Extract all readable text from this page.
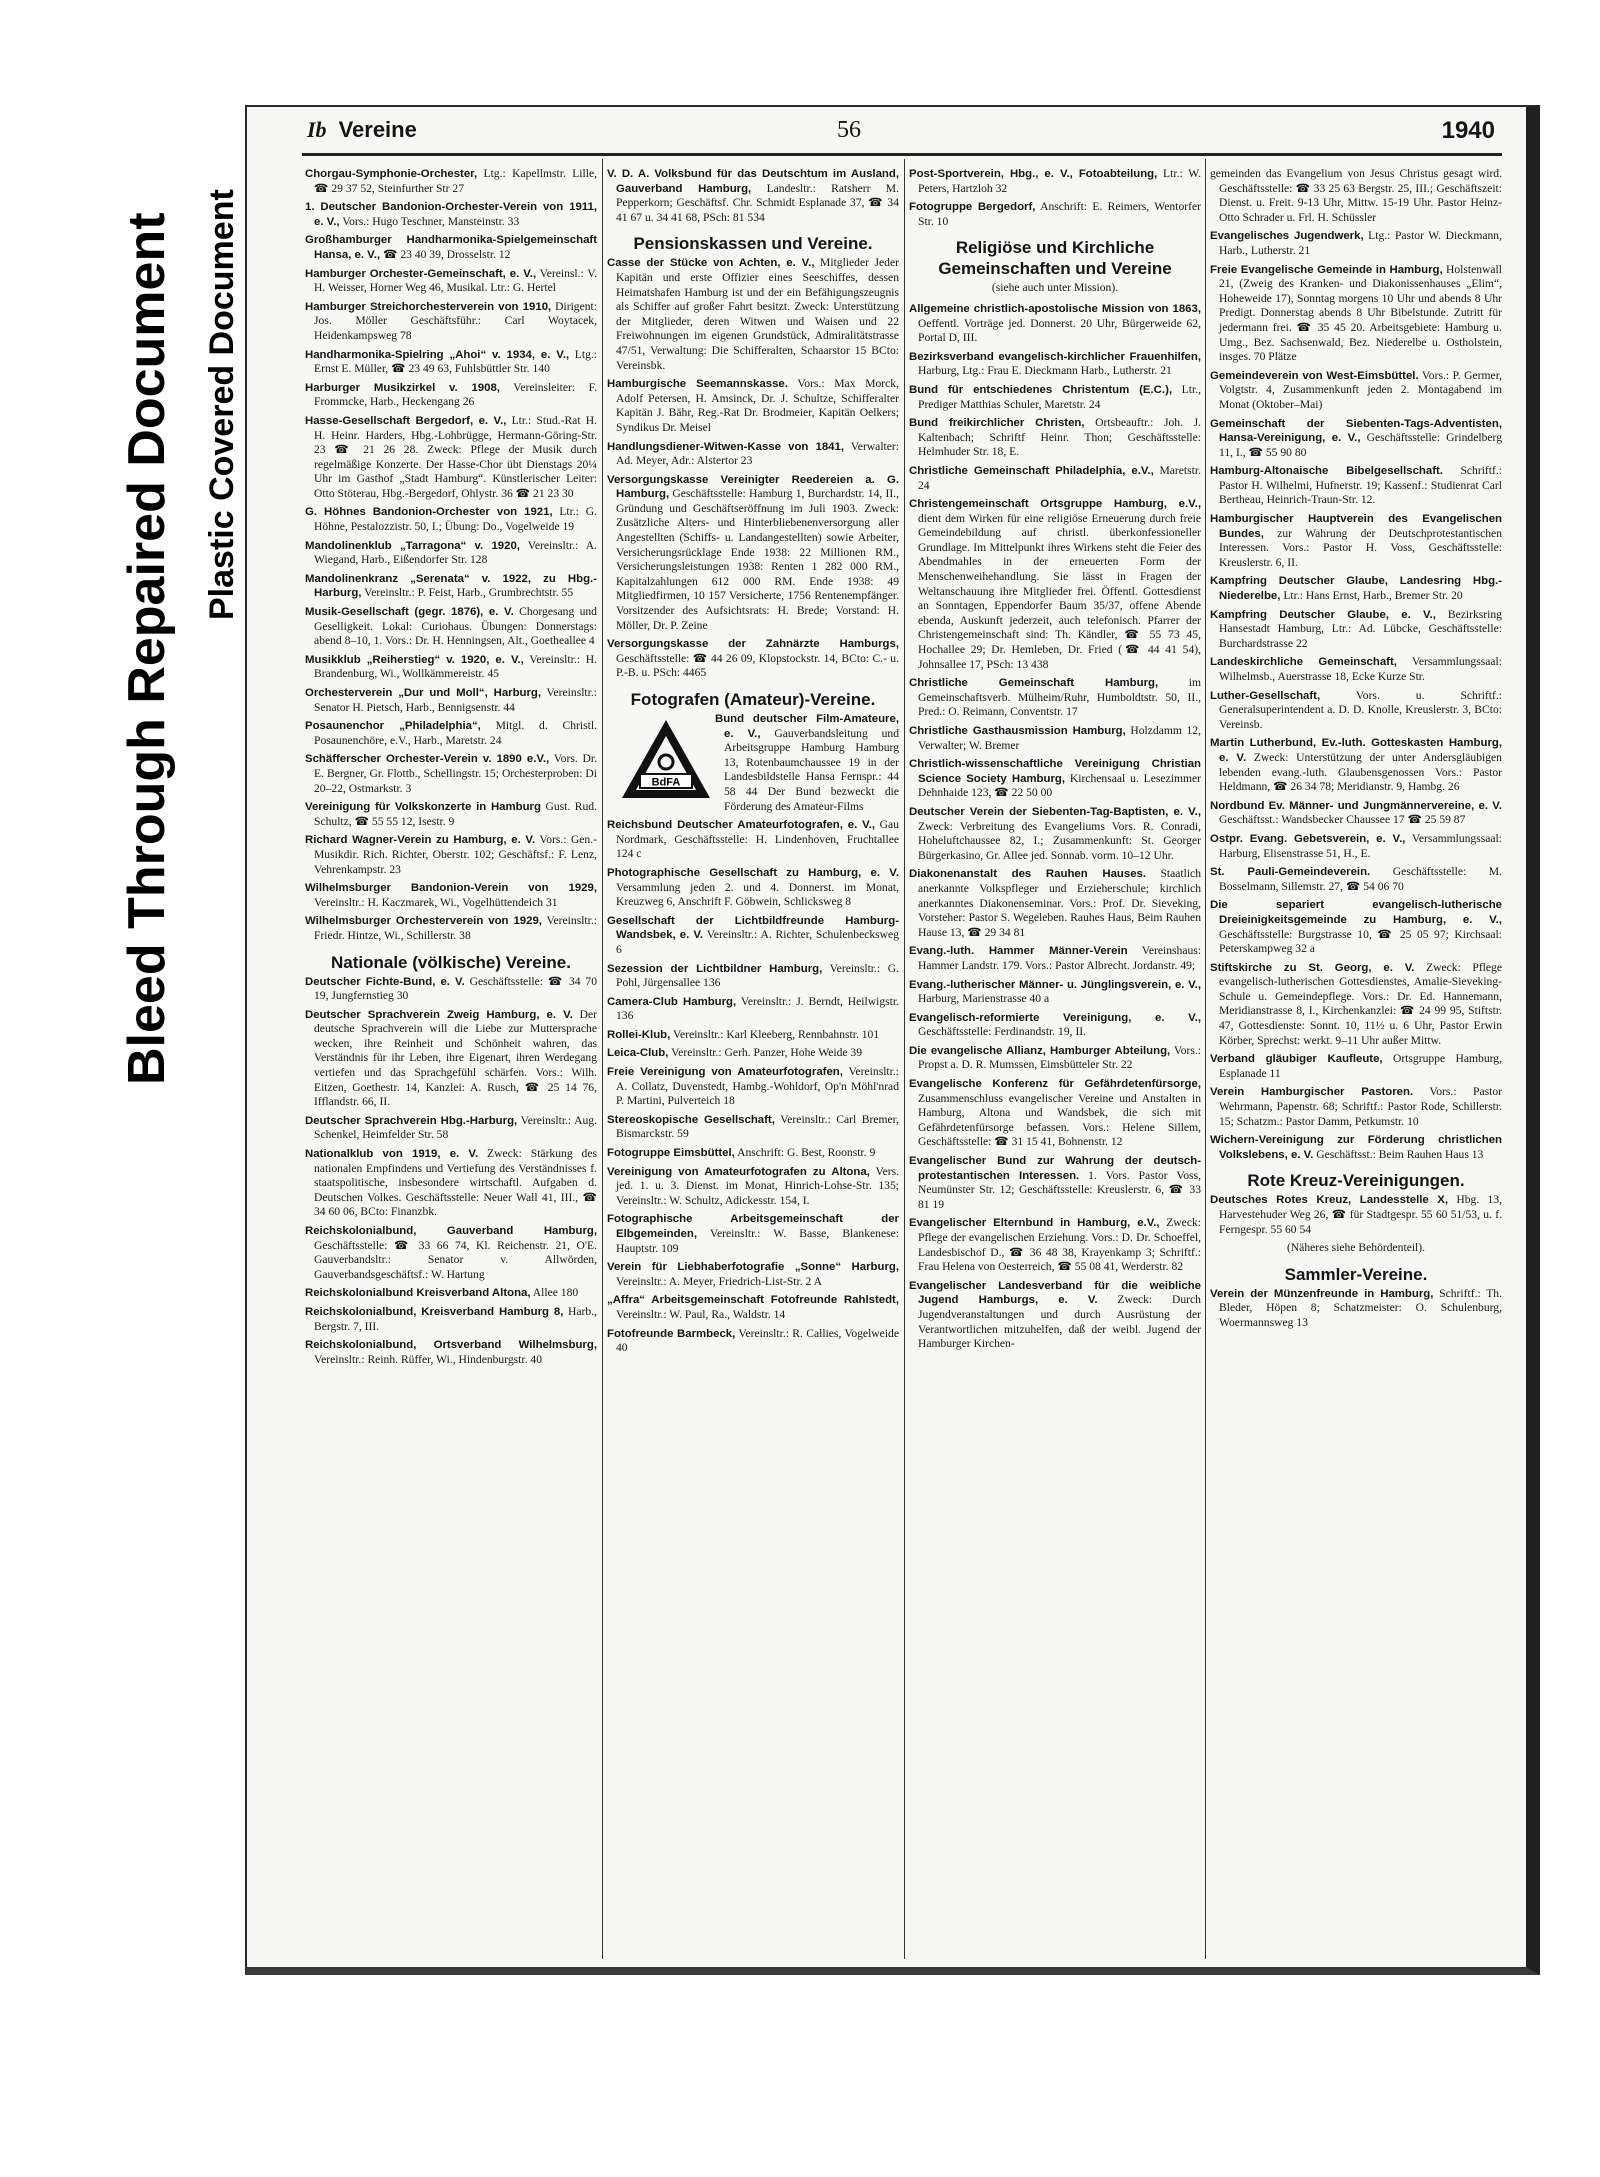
Bleed Through Repaired Document Plastic Covered Document
Ib Vereine	56	1940

Chorgau-Symphonie-Orchester, Ltg.: Kapellmstr. Lille, ☎ 29 37 52, Steinfurther Str 27

1. Deutscher Bandonion-Orchester-Verein von 1911, e. V., Vors.: Hugo Teschner, Mansteinstr. 33

Großhamburger Handharmonika-Spielgemeinschaft Hansa, e. V., ☎ 23 40 39, Drosselstr. 12

Hamburger Orchester-Gemeinschaft, e. V., Vereinsl.: V. H. Weisser, Horner Weg 46, Musikal. Ltr.: G. Hertel

Hamburger Streichorchesterverein von 1910, Dirigent: Jos. Möller Geschäftsführ.: Carl Woytacek, Heidenkampsweg 78

Handharmonika-Spielring „Ahoi“ v. 1934, e. V., Ltg.: Ernst E. Müller, ☎ 23 49 63, Fuhlsbüttler Str. 140

Harburger Musikzirkel v. 1908, Vereinsleiter: F. Frommcke, Harb., Heckengang 26

Hasse-Gesellschaft Bergedorf, e. V., Ltr.: Stud.-Rat H. H. Heinr. Harders, Hbg.-Lohbrügge, Hermann-Göring-Str. 23 ☎ 21 26 28. Zweck: Pflege der Musik durch regelmäßige Konzerte. Der Hasse-Chor übt Dienstags 20¼ Uhr im Gasthof „Stadt Hamburg“. Künstlerischer Leiter: Otto Stöterau, Hbg.-Bergedorf, Ohlystr. 36 ☎ 21 23 30

G. Höhnes Bandonion-Orchester von 1921, Ltr.: G. Höhne, Pestalozzistr. 50, I.; Übung: Do., Vogelweide 19

Mandolinenklub „Tarragona“ v. 1920, Vereinsltr.: A. Wiegand, Harb., Eißendorfer Str. 128

Mandolinenkranz „Serenata“ v. 1922, zu Hbg.-Harburg, Vereinsltr.: P. Feist, Harb., Grumbrechtstr. 55

Musik-Gesellschaft (gegr. 1876), e. V. Chorgesang und Geselligkeit. Lokal: Curiohaus. Übungen: Donnerstags: abend 8–10, 1. Vors.: Dr. H. Henningsen, Alt., Goetheallee 4

Musikklub „Reiherstieg“ v. 1920, e. V., Vereinsltr.: H. Brandenburg, Wi., Wollkämmereistr. 45

Orchesterverein „Dur und Moll“, Harburg, Vereinsltr.: Senator H. Pietsch, Harb., Bennigsenstr. 44

Posaunenchor „Philadelphia“, Mitgl. d. Christl. Posaunenchöre, e.V., Harb., Maretstr. 24

Schäfferscher Orchester-Verein v. 1890 e.V., Vors. Dr. E. Bergner, Gr. Flottb., Schellingstr. 15; Orchesterproben: Di 20–22, Ostmarkstr. 3

Vereinigung für Volkskonzerte in Hamburg Gust. Rud. Schultz, ☎ 55 55 12, Isestr. 9

Richard Wagner-Verein zu Hamburg, e. V. Vors.: Gen.-Musikdir. Rich. Richter, Oberstr. 102; Geschäftsf.: F. Lenz, Vehrenkampstr. 23

Wilhelmsburger Bandonion-Verein von 1929, Vereinsltr.: H. Kaczmarek, Wi., Vogelhüttendeich 31

Wilhelmsburger Orchesterverein von 1929, Vereinsltr.: Friedr. Hintze, Wi., Schillerstr. 38

Nationale (völkische) Vereine.

Deutscher Fichte-Bund, e. V. Geschäftsstelle: ☎ 34 70 19, Jungfernstieg 30

Deutscher Sprachverein Zweig Hamburg, e. V. Der deutsche Sprachverein will die Liebe zur Muttersprache wecken, ihre Reinheit und Schönheit wahren, das Verständnis für ihr Leben, ihre Eigenart, ihren Werdegang vertiefen und das Sprachgefühl schärfen. Vors.: Wilh. Eitzen, Goethestr. 14, Kanzlei: A. Rusch, ☎ 25 14 76, Ifflandstr. 66, II.

Deutscher Sprachverein Hbg.-Harburg, Vereinsltr.: Aug. Schenkel, Heimfelder Str. 58

Nationalklub von 1919, e. V. Zweck: Stärkung des nationalen Empfindens und Vertiefung des Verständnisses f. staatspolitische, insbesondere wirtschaftl. Aufgaben d. Deutschen Volkes. Geschäftsstelle: Neuer Wall 41, III., ☎ 34 60 06, BCto: Finanzbk.

Reichskolonialbund, Gauverband Hamburg, Geschäftsstelle: ☎ 33 66 74, Kl. Reichenstr. 21, O'E. Gauverbandsltr.: Senator v. Allwörden, Gauverbandsgeschäftsf.: W. Hartung

Reichskolonialbund Kreisverband Altona, Allee 180

Reichskolonialbund, Kreisverband Hamburg 8, Harb., Bergstr. 7, III.

Reichskolonialbund, Ortsverband Wilhelmsburg, Vereinsltr.: Reinh. Rüffer, Wi., Hindenburgstr. 40

V. D. A. Volksbund für das Deutschtum im Ausland, Gauverband Hamburg, Landesltr.: Ratsherr M. Pepperkorn; Geschäftsf. Chr. Schmidt Esplanade 37, ☎ 34 41 67 u. 34 41 68, PSch: 81 534

Pensionskassen und Vereine.

Casse der Stücke von Achten, e. V., Mitglieder Jeder Kapitän und erste Offizier eines Seeschiffes, dessen Heimatshafen Hamburg ist und der ein Befähigungszeugnis als Schiffer auf großer Fahrt besitzt. Zweck: Unterstützung der Mitglieder, deren Witwen und Waisen und 22 Freiwohnungen im eigenen Grundstück, Admiralitätstrasse 47/51, Verwaltung: Die Schifferalten, Schaarstor 15 BCto: Vereinsbk.

Hamburgische Seemannskasse. Vors.: Max Morck, Adolf Petersen, H. Amsinck, Dr. J. Schultze, Schifferalter Kapitän J. Bähr, Reg.-Rat Dr. Brodmeier, Kapitän Oelkers; Syndikus Dr. Meisel

Handlungsdiener-Witwen-Kasse von 1841, Verwalter: Ad. Meyer, Adr.: Alstertor 23

Versorgungskasse Vereinigter Reedereien a. G. Hamburg, Geschäftsstelle: Hamburg 1, Burchardstr. 14, II., Gründung und Geschäftseröffnung im Juli 1903. Zweck: Zusätzliche Alters- und Hinterbliebenenversorgung aller Angestellten (Schiffs- u. Landangestellten) sowie Arbeiter, Versicherungsrücklage Ende 1938: 22 Millionen RM., Versicherungsleistungen 1938: Renten 1 282 000 RM., Kapitalzahlungen 612 000 RM. Ende 1938: 49 Mitgliedfirmen, 10 157 Versicherte, 1756 Rentenempfänger. Vorsitzender des Aufsichtsrats: H. Brede; Vorstand: H. Möller, Dr. P. Zeine

Versorgungskasse der Zahnärzte Hamburgs, Geschäftsstelle: ☎ 44 26 09, Klopstockstr. 14, BCto: C.- u. P.-B. u. PSch: 4465

Fotografen (Amateur)-Vereine.

BdFA
Bund deutscher Film-Amateure, e. V., Gauverbandsleitung und Arbeitsgruppe Hamburg Hamburg 13, Rotenbaumchaussee 19 in der Landesbildstelle Hansa Fernspr.: 44 58 44 Der Bund bezweckt die Förderung des Amateur-Films

Reichsbund Deutscher Amateurfotografen, e. V., Gau Nordmark, Geschäftsstelle: H. Lindenhoven, Fruchtallee 124 c

Photographische Gesellschaft zu Hamburg, e. V. Versammlung jeden 2. und 4. Donnerst. im Monat, Kreuzweg 6, Anschrift F. Göbwein, Schlicksweg 8

Gesellschaft der Lichtbildfreunde Hamburg-Wandsbek, e. V. Vereinsltr.: A. Richter, Schulenbecksweg 6

Sezession der Lichtbildner Hamburg, Vereinsltr.: G. Pohl, Jürgensallee 136

Camera-Club Hamburg, Vereinsltr.: J. Berndt, Heilwigstr. 136

Rollei-Klub, Vereinsltr.: Karl Kleeberg, Rennbahnstr. 101

Leica-Club, Vereinsltr.: Gerh. Panzer, Hohe Weide 39

Freie Vereinigung von Amateurfotografen, Vereinsltr.: A. Collatz, Duvenstedt, Hambg.-Wohldorf, Op'n Möhl'nrad P. Martini, Pulverteich 18

Stereoskopische Gesellschaft, Vereinsltr.: Carl Bremer, Bismarckstr. 59

Fotogruppe Eimsbüttel, Anschrift: G. Best, Roonstr. 9

Vereinigung von Amateurfotografen zu Altona, Vers. jed. 1. u. 3. Dienst. im Monat, Hinrich-Lohse-Str. 135; Vereinsltr.: W. Schultz, Adickesstr. 154, I.

Fotographische Arbeitsgemeinschaft der Elbgemeinden, Vereinsltr.: W. Basse, Blankenese: Hauptstr. 109

Verein für Liebhaberfotografie „Sonne“ Harburg, Vereinsltr.: A. Meyer, Friedrich-List-Str. 2 A

„Affra“ Arbeitsgemeinschaft Fotofreunde Rahlstedt, Vereinsltr.: W. Paul, Ra., Waldstr. 14

Fotofreunde Barmbeck, Vereinsltr.: R. Callies, Vogelweide 40

Post-Sportverein, Hbg., e. V., Fotoabteilung, Ltr.: W. Peters, Hartzloh 32

Fotogruppe Bergedorf, Anschrift: E. Reimers, Wentorfer Str. 10

Religiöse und Kirchliche Gemeinschaften und Vereine
(siehe auch unter Mission).

Allgemeine christlich-apostolische Mission von 1863, Oeffentl. Vorträge jed. Donnerst. 20 Uhr, Bürgerweide 62, Portal D, III.

Bezirksverband evangelisch-kirchlicher Frauenhilfen, Harburg, Ltg.: Frau E. Dieckmann Harb., Lutherstr. 21

Bund für entschiedenes Christentum (E.C.), Ltr., Prediger Matthias Schuler, Maretstr. 24

Bund freikirchlicher Christen, Ortsbeauftr.: Joh. J. Kaltenbach; Schriftf Heinr. Thon; Geschäftsstelle: Helmhuder Str. 18, E.

Christliche Gemeinschaft Philadelphia, e.V., Maretstr. 24

Christengemeinschaft Ortsgruppe Hamburg, e.V., dient dem Wirken für eine religiöse Erneuerung durch freie Gemeindebildung auf christl. überkonfessioneller Grundlage. Im Mittelpunkt ihres Wirkens steht die Feier des Abendmahles in der erneuerten Form der Menschenweihehandlung. Sie lässt in Fragen der Weltanschauung ihre Mitglieder frei. Öffentl. Gottesdienst an Sonntagen, Eppendorfer Baum 35/37, offene Abende ebenda, Auskunft jederzeit, auch telefonisch. Pfarrer der Christengemeinschaft sind: Th. Kändler, ☎ 55 73 45, Hochallee 29; Dr. Hemleben, Dr. Fried (☎ 44 41 54), Johnsallee 17, PSch: 13 438

Christliche Gemeinschaft Hamburg, im Gemeinschaftsverb. Mülheim/Ruhr, Humboldtstr. 50, II., Pred.: O. Reimann, Conventstr. 17

Christliche Gasthausmission Hamburg, Holzdamm 12, Verwalter; W. Bremer

Christlich-wissenschaftliche Vereinigung Christian Science Society Hamburg, Kirchensaal u. Lesezimmer Dehnhaide 123, ☎ 22 50 00

Deutscher Verein der Siebenten-Tag-Baptisten, e. V., Zweck: Verbreitung des Evangeliums Vors. R. Conradi, Hoheluftchaussee 82, I.; Zusammenkunft: St. Georger Bürgerkasino, Gr. Allee jed. Sonnab. vorm. 10–12 Uhr.

Diakonenanstalt des Rauhen Hauses. Staatlich anerkannte Volkspfleger und Erzieherschule; kirchlich anerkanntes Diakonenseminar. Vors.: Prof. Dr. Sieveking, Vorsteher: Pastor S. Wegeleben. Rauhes Haus, Beim Rauhen Hause 13, ☎ 29 34 81

Evang.-luth. Hammer Männer-Verein Vereinshaus: Hammer Landstr. 179. Vors.: Pastor Albrecht. Jordanstr. 49;

Evang.-lutherischer Männer- u. Jünglingsverein, e. V., Harburg, Marienstrasse 40 a

Evangelisch-reformierte Vereinigung, e. V., Geschäftsstelle: Ferdinandstr. 19, II.

Die evangelische Allianz, Hamburger Abteilung, Vors.: Propst a. D. R. Mumssen, Eimsbütteler Str. 22

Evangelische Konferenz für Gefährdetenfürsorge, Zusammenschluss evangelischer Vereine und Anstalten in Hamburg, Altona und Wandsbek, die sich mit Gefährdetenfürsorge befassen. Vors.: Helene Sillem, Geschäftsstelle: ☎ 31 15 41, Bohnenstr. 12

Evangelischer Bund zur Wahrung der deutsch-protestantischen Interessen. 1. Vors. Pastor Voss, Neumünster Str. 12; Geschäftsstelle: Kreuslerstr. 6, ☎ 33 81 19

Evangelischer Elternbund in Hamburg, e.V., Zweck: Pflege der evangelischen Erziehung. Vors.: D. Dr. Schoeffel, Landesbischof D., ☎ 36 48 38, Krayenkamp 3; Schriftf.: Frau Helena von Oesterreich, ☎ 55 08 41, Werderstr. 82

Evangelischer Landesverband für die weibliche Jugend Hamburgs, e. V. Zweck: Durch Jugendveranstaltungen und durch Ausrüstung der Verantwortlichen mitzuhelfen, daß der weibl. Jugend der Hamburger Kirchen-

gemeinden das Evangelium von Jesus Christus gesagt wird. Geschäftsstelle: ☎ 33 25 63 Bergstr. 25, III.; Geschäftszeit: Dienst. u. Freit. 9-13 Uhr, Mittw. 15-19 Uhr. Pastor Heinz-Otto Schrader u. Frl. H. Schüssler

Evangelisches Jugendwerk, Ltg.: Pastor W. Dieckmann, Harb., Lutherstr. 21

Freie Evangelische Gemeinde in Hamburg, Holstenwall 21, (Zweig des Kranken- und Diakonissenhauses „Elim“, Hoheweide 17), Sonntag morgens 10 Uhr und abends 8 Uhr Predigt. Donnerstag abends 8 Uhr Bibelstunde. Zutritt für jedermann frei. ☎ 35 45 20. Arbeitsgebiete: Hamburg u. Umg., Bez. Sachsenwald, Bez. Niederelbe u. Ostholstein, insges. 70 Plätze

Gemeindeverein von West-Eimsbüttel. Vors.: P. Germer, Volgtstr. 4, Zusammenkunft jeden 2. Montagabend im Monat (Oktober–Mai)

Gemeinschaft der Siebenten-Tags-Adventisten, Hansa-Vereinigung, e. V., Geschäftsstelle: Grindelberg 11, I., ☎ 55 90 80

Hamburg-Altonaische Bibelgesellschaft. Schriftf.: Pastor H. Wilhelmi, Hufnerstr. 19; Kassenf.: Studienrat Carl Bertheau, Heinrich-Traun-Str. 12.

Hamburgischer Hauptverein des Evangelischen Bundes, zur Wahrung der Deutschprotestantischen Interessen. Vors.: Pastor H. Voss, Geschäftsstelle: Kreuslerstr. 6, II.

Kampfring Deutscher Glaube, Landesring Hbg.-Niederelbe, Ltr.: Hans Ernst, Harb., Bremer Str. 20

Kampfring Deutscher Glaube, e. V., Bezirksring Hansestadt Hamburg, Ltr.: Ad. Lübcke, Geschäftsstelle: Burchardstrasse 22

Landeskirchliche Gemeinschaft, Versammlungssaal: Wilhelmsb., Auerstrasse 18, Ecke Kurze Str.

Luther-Gesellschaft, Vors. u. Schriftf.: Generalsuperintendent a. D. D. Knolle, Kreuslerstr. 3, BCto: Vereinsb.

Martin Lutherbund, Ev.-luth. Gotteskasten Hamburg, e. V. Zweck: Unterstützung der unter Andersgläubigen lebenden evang.-luth. Glaubensgenossen Vors.: Pastor Heldmann, ☎ 26 34 78; Meridianstr. 9, Hambg. 26

Nordbund Ev. Männer- und Jungmännervereine, e. V. Geschäftsst.: Wandsbecker Chaussee 17 ☎ 25 59 87

Ostpr. Evang. Gebetsverein, e. V., Versammlungssaal: Harburg, Elisenstrasse 51, H., E.

St. Pauli-Gemeindeverein. Geschäftsstelle: M. Bosselmann, Sillemstr. 27, ☎ 54 06 70

Die separiert evangelisch-lutherische Dreieinigkeitsgemeinde zu Hamburg, e. V., Geschäftsstelle: Burgstrasse 10, ☎ 25 05 97; Kirchsaal: Peterskampweg 32 a

Stiftskirche zu St. Georg, e. V. Zweck: Pflege evangelisch-lutherischen Gottesdienstes, Amalie-Sieveking-Schule u. Gemeindepflege. Vors.: Dr. Ed. Hannemann, Meridianstrasse 8, I., Kirchenkanzlei: ☎ 24 99 95, Stiftstr. 47, Gottesdienste: Sonnt. 10, 11½ u. 6 Uhr, Pastor Erwin Körber, Sprechst: werkt. 9–11 Uhr außer Mittw.

Verband gläubiger Kaufleute, Ortsgruppe Hamburg, Esplanade 11

Verein Hamburgischer Pastoren. Vors.: Pastor Wehrmann, Papenstr. 68; Schriftf.: Pastor Rode, Schillerstr. 15; Schatzm.: Pastor Damm, Petkumstr. 10

Wichern-Vereinigung zur Förderung christlichen Volkslebens, e. V. Geschäftsst.: Beim Rauhen Haus 13

Rote Kreuz-Vereinigungen.

Deutsches Rotes Kreuz, Landesstelle X, Hbg. 13, Harvestehuder Weg 26, ☎ für Stadtgespr. 55 60 51/53, u. f. Ferngespr. 55 60 54

(Näheres siehe Behördenteil).
Sammler-Vereine.

Verein der Münzenfreunde in Hamburg, Schriftf.: Th. Bleder, Höpen 8; Schatzmeister: O. Schulenburg, Woermannsweg 13
